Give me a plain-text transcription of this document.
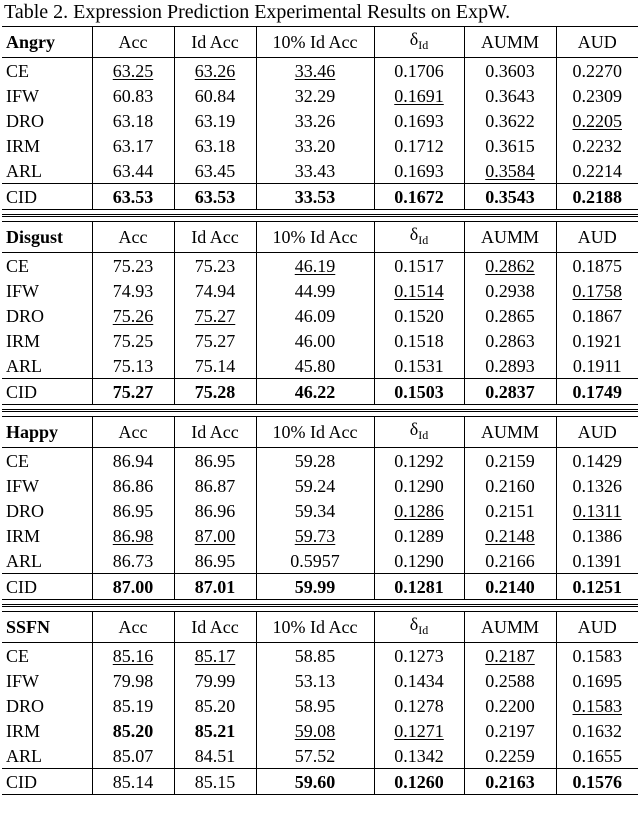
Table 2. Expression Prediction Experimental Results on ExpW.
Angry	Acc	Id Acc	10% Id Acc	$\delta_{Id}$	AUMM	AUD
CE	63.25	63.26	33.46	0.1706	0.3603	0.2270
IFW	60.83	60.84	32.29	0.1691	0.3643	0.2309
DRO	63.18	63.19	33.26	0.1693	0.3622	0.2205
IRM	63.17	63.18	33.20	0.1712	0.3615	0.2232
ARL	63.44	63.45	33.43	0.1693	0.3584	0.2214
CID	63.53	63.53	33.53	0.1672	0.3543	0.2188
Disgust	Acc	Id Acc	10% Id Acc	$\delta_{Id}$	AUMM	AUD
CE	75.23	75.23	46.19	0.1517	0.2862	0.1875
IFW	74.93	74.94	44.99	0.1514	0.2938	0.1758
DRO	75.26	75.27	46.09	0.1520	0.2865	0.1867
IRM	75.25	75.27	46.00	0.1518	0.2863	0.1921
ARL	75.13	75.14	45.80	0.1531	0.2893	0.1911
CID	75.27	75.28	46.22	0.1503	0.2837	0.1749
Happy	Acc	Id Acc	10% Id Acc	$\delta_{Id}$	AUMM	AUD
CE	86.94	86.95	59.28	0.1292	0.2159	0.1429
IFW	86.86	86.87	59.24	0.1290	0.2160	0.1326
DRO	86.95	86.96	59.34	0.1286	0.2151	0.1311
IRM	86.98	87.00	59.73	0.1289	0.2148	0.1386
ARL	86.73	86.95	0.5957	0.1290	0.2166	0.1391
CID	87.00	87.01	59.99	0.1281	0.2140	0.1251
SSFN	Acc	Id Acc	10% Id Acc	$\delta_{Id}$	AUMM	AUD
CE	85.16	85.17	58.85	0.1273	0.2187	0.1583
IFW	79.98	79.99	53.13	0.1434	0.2588	0.1695
DRO	85.19	85.20	58.95	0.1278	0.2200	0.1583
IRM	85.20	85.21	59.08	0.1271	0.2197	0.1632
ARL	85.07	84.51	57.52	0.1342	0.2259	0.1655
CID	85.14	85.15	59.60	0.1260	0.2163	0.1576
